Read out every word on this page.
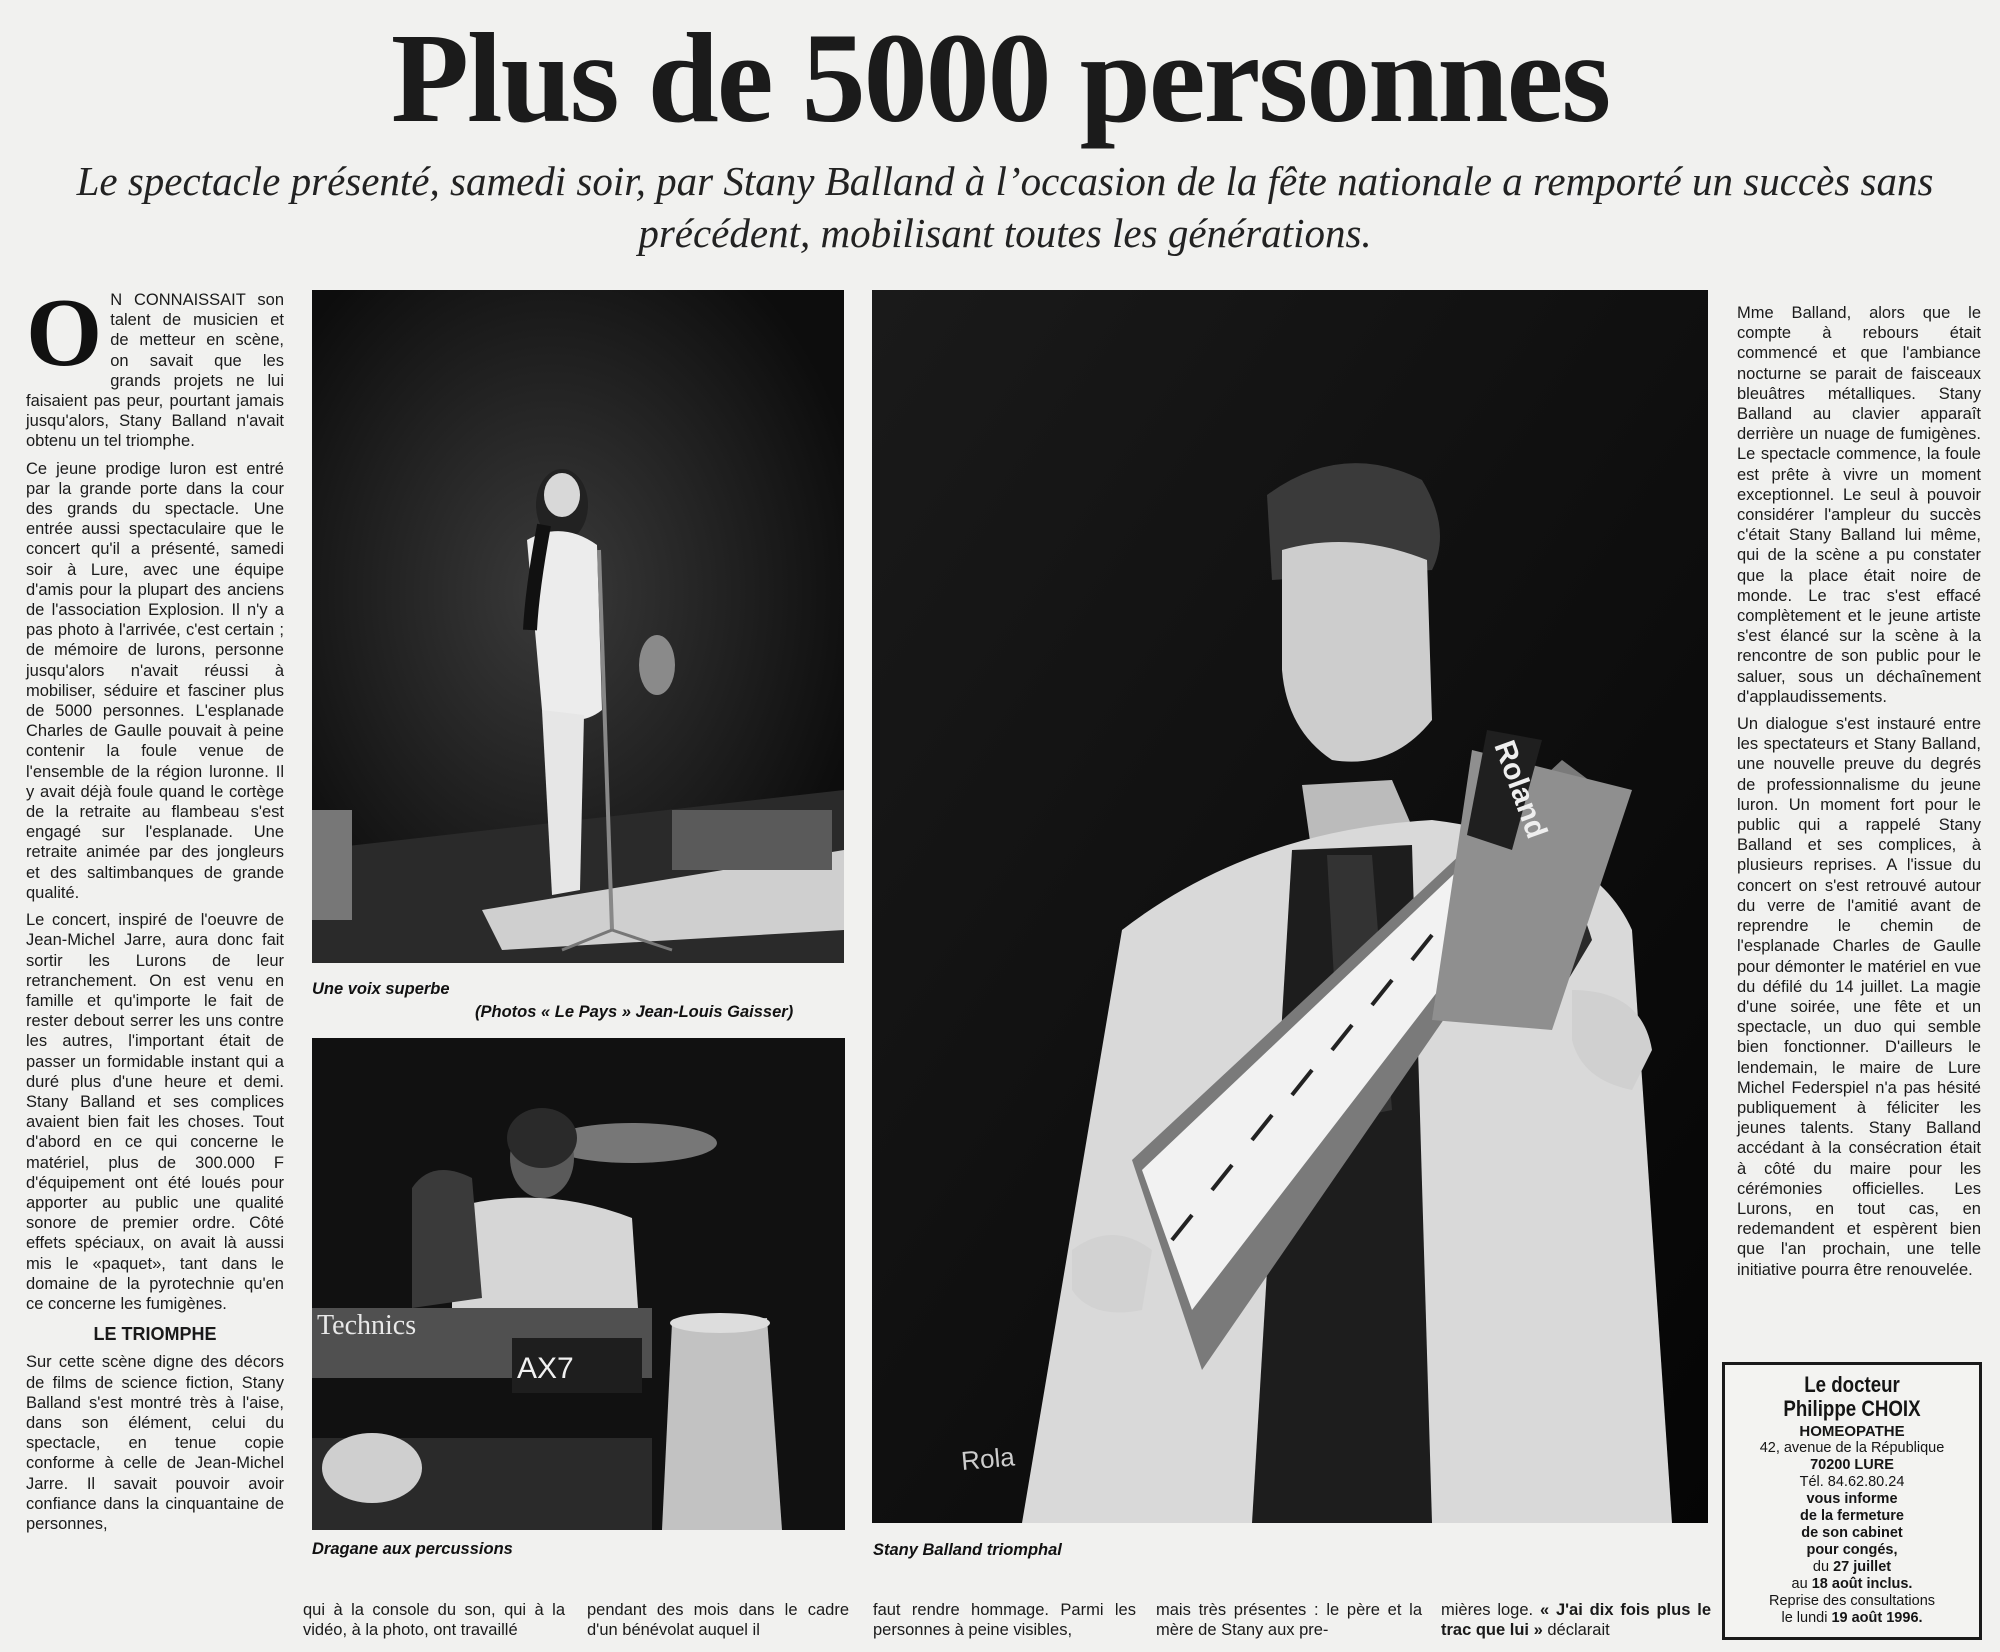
Plus de 5000 personnes
Le spectacle présenté, samedi soir, par Stany Balland à l’occasion de la fête nationale a remporté un succès sans précédent, mobilisant toutes les générations.

O N CONNAISSAIT son talent de musicien et de metteur en scène, on savait que les grands projets ne lui faisaient pas peur, pourtant jamais jusqu'alors, Stany Balland n'avait obtenu un tel triomphe.

Ce jeune prodige luron est entré par la grande porte dans la cour des grands du spectacle. Une entrée aussi spectaculaire que le concert qu'il a présenté, samedi soir à Lure, avec une équipe d'amis pour la plupart des anciens de l'association Explosion. Il n'y a pas photo à l'arrivée, c'est certain ; de mémoire de lurons, personne jusqu'alors n'avait réussi à mobiliser, séduire et fasciner plus de 5000 personnes. L'esplanade Charles de Gaulle pouvait à peine contenir la foule venue de l'ensemble de la région luronne. Il y avait déjà foule quand le cortège de la retraite au flambeau s'est engagé sur l'esplanade. Une retraite animée par des jongleurs et des saltimbanques de grande qualité.

Le concert, inspiré de l'oeuvre de Jean-Michel Jarre, aura donc fait sortir les Lurons de leur retranchement. On est venu en famille et qu'importe le fait de rester debout serrer les uns contre les autres, l'important était de passer un formidable instant qui a duré plus d'une heure et demi. Stany Balland et ses complices avaient bien fait les choses. Tout d'abord en ce qui concerne le matériel, plus de 300.000 F d'équipement ont été loués pour apporter au public une qualité sonore de premier ordre. Côté effets spéciaux, on avait là aussi mis le «paquet», tant dans le domaine de la pyrotechnie qu'en ce concerne les fumigènes.

LE TRIOMPHE

Sur cette scène digne des décors de films de science fiction, Stany Balland s'est montré très à l'aise, dans son élément, celui du spectacle, en tenue copie conforme à celle de Jean-Michel Jarre. Il savait pouvoir avoir confiance dans la cinquantaine de personnes,

Une voix superbe
(Photos « Le Pays » Jean-Louis Gaisser)
Technics
AX7
Dragane aux percussions
Roland
Rola
Stany Balland triomphal

Mme Balland, alors que le compte à rebours était commencé et que l'ambiance nocturne se parait de faisceaux bleuâtres métalliques. Stany Balland au clavier apparaît derrière un nuage de fumigènes. Le spectacle commence, la foule est prête à vivre un moment exceptionnel. Le seul à pouvoir considérer l'ampleur du succès c'était Stany Balland lui même, qui de la scène a pu constater que la place était noire de monde. Le trac s'est effacé complètement et le jeune artiste s'est élancé sur la scène à la rencontre de son public pour le saluer, sous un déchaînement d'applaudissements.

Un dialogue s'est instauré entre les spectateurs et Stany Balland, une nouvelle preuve du degrés de professionnalisme du jeune luron. Un moment fort pour le public qui a rappelé Stany Balland et ses complices, à plusieurs reprises. A l'issue du concert on s'est retrouvé autour du verre de l'amitié avant de reprendre le chemin de l'esplanade Charles de Gaulle pour démonter le matériel en vue du défilé du 14 juillet. La magie d'une soirée, une fête et un spectacle, un duo qui semble bien fonctionner. D'ailleurs le lendemain, le maire de Lure Michel Federspiel n'a pas hésité publiquement à féliciter les jeunes talents. Stany Balland accédant à la consécration était à côté du maire pour les cérémonies officielles. Les Lurons, en tout cas, en redemandent et espèrent bien que l'an prochain, une telle initiative pourra être renouvelée.

qui à la console du son, qui à la vidéo, à la photo, ont travaillé
pendant des mois dans le cadre d'un bénévolat auquel il
faut rendre hommage. Parmi les personnes à peine visibles,
mais très présentes : le père et la mère de Stany aux pre-
mières loge. « J'ai dix fois plus le trac que lui » déclarait
Le docteur
Philippe CHOIX
HOMEOPATHE
42, avenue de la République
70200 LURE
Tél. 84.62.80.24
vous informe
de la fermeture
de son cabinet
pour congés,
du 27 juillet
au 18 août inclus.
Reprise des consultations
le lundi 19 août 1996.
